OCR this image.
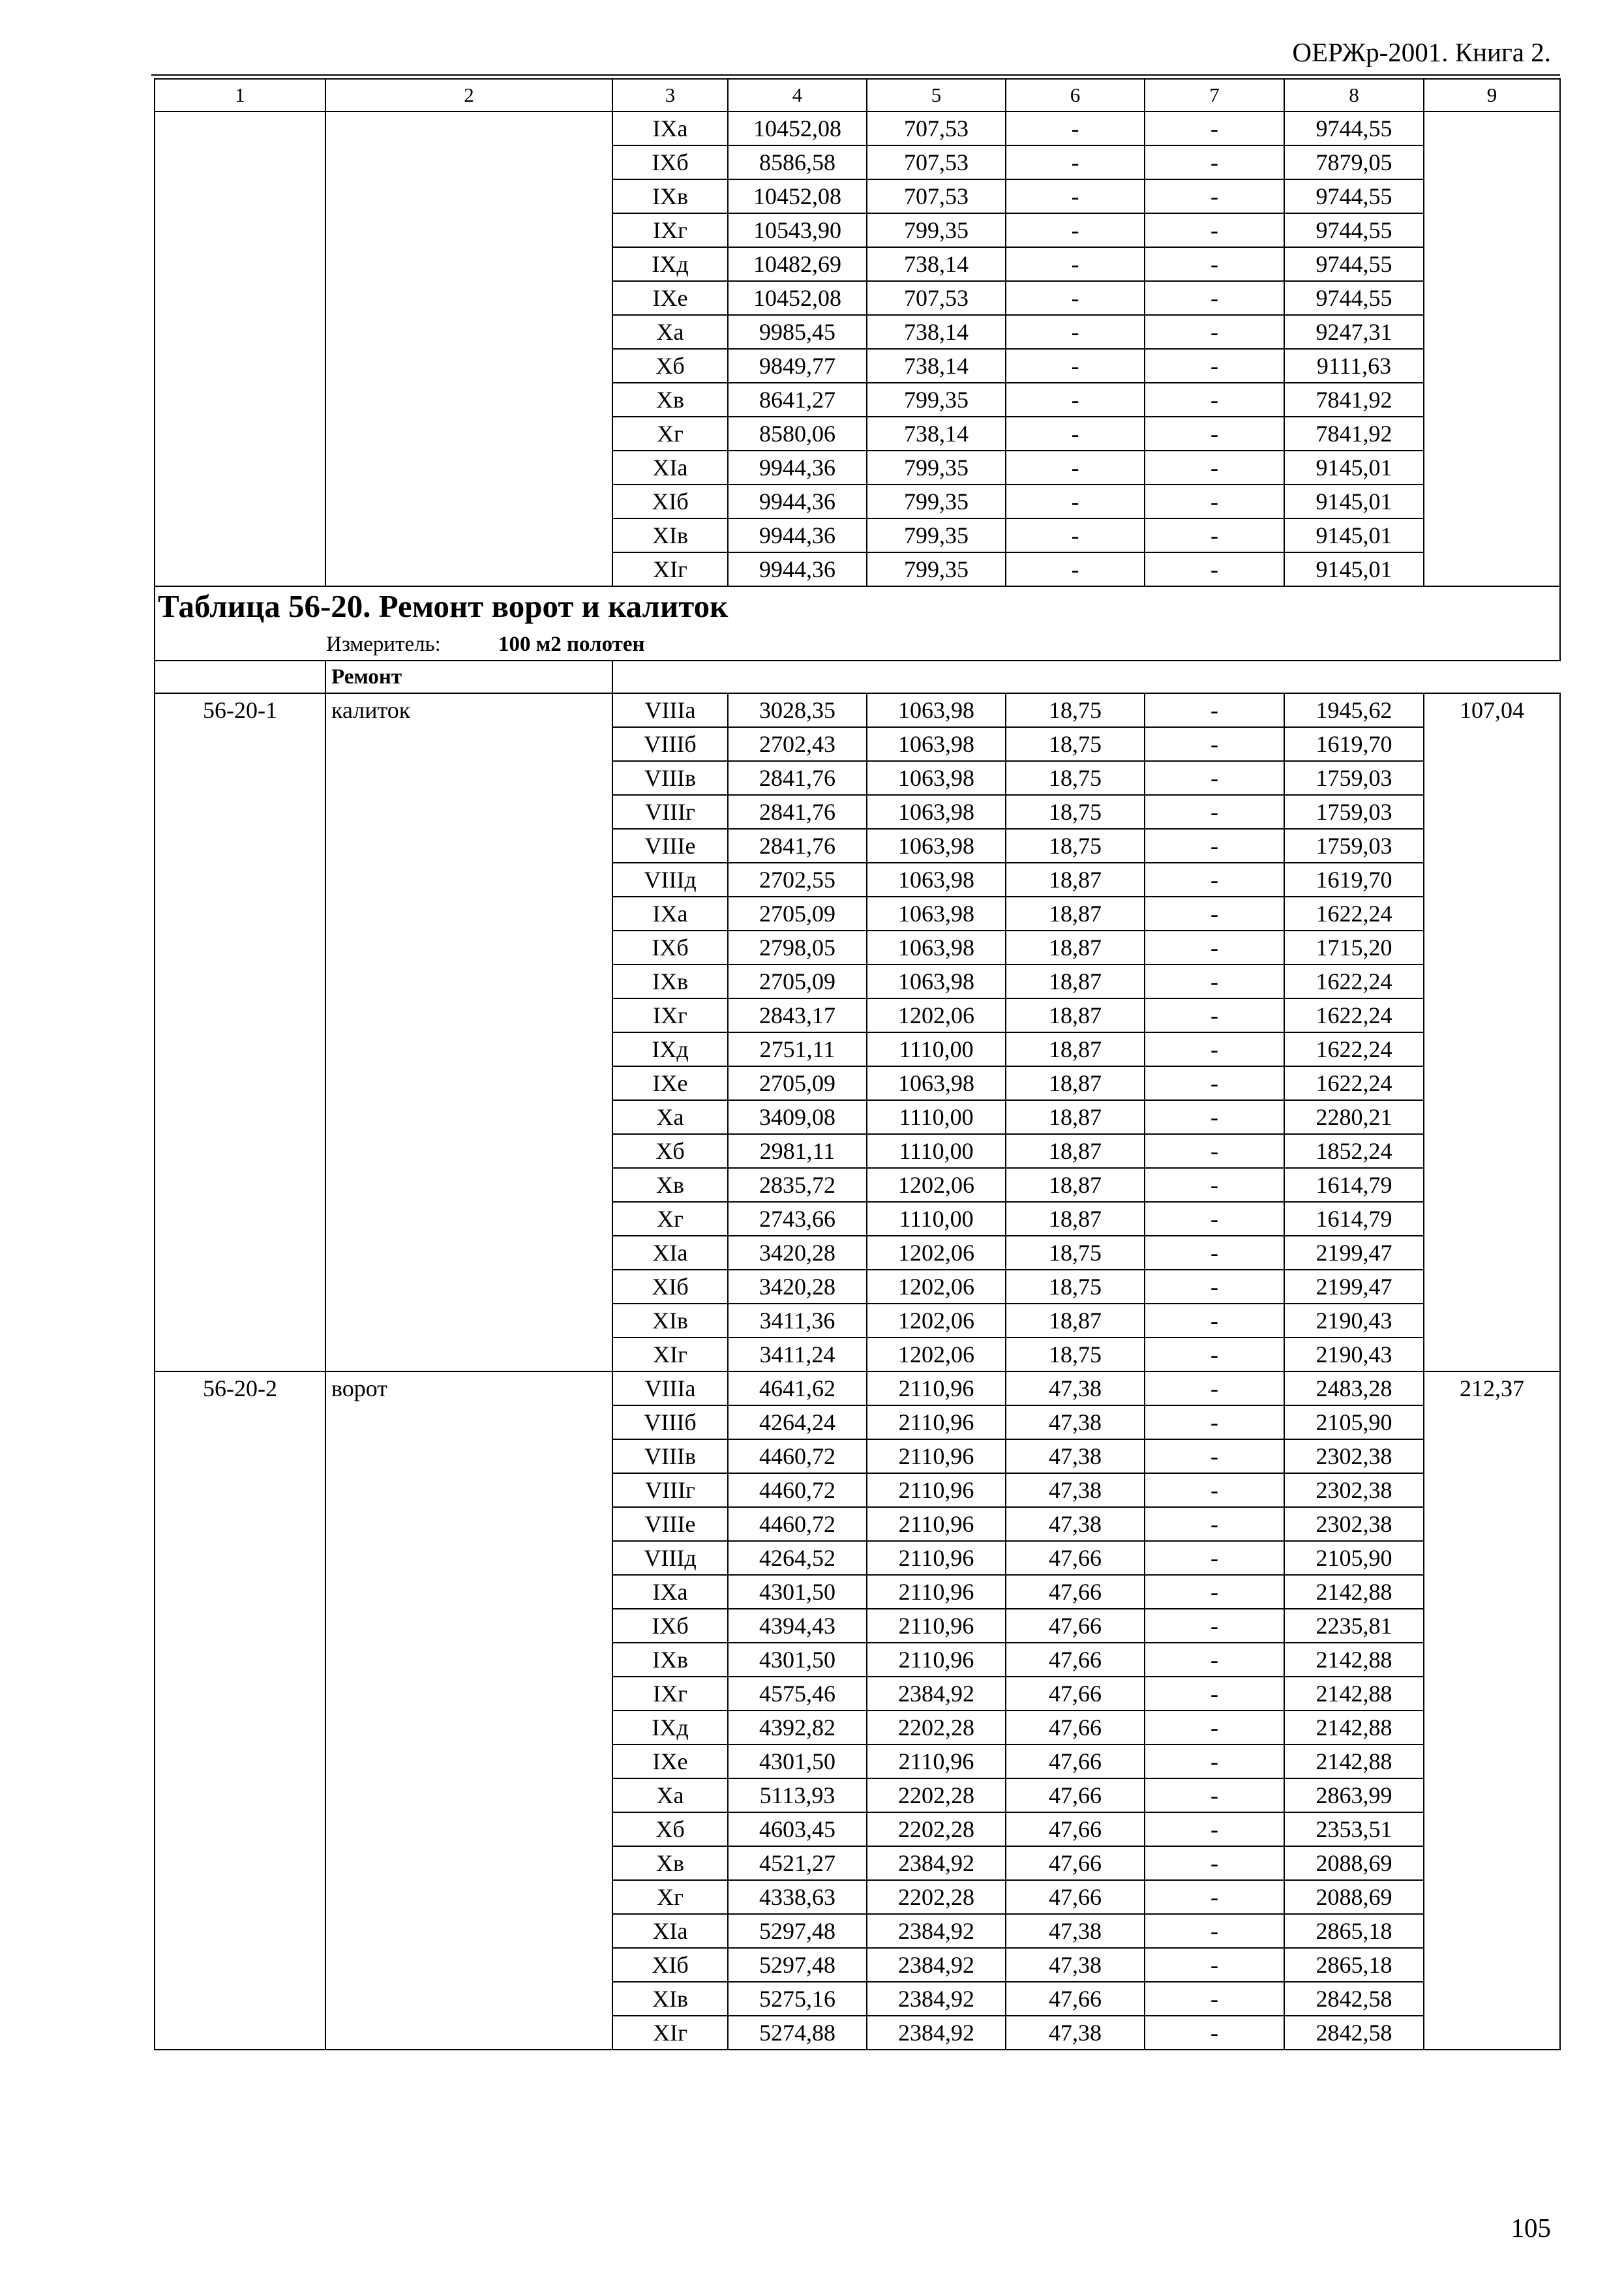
ОЕРЖр-2001. Книга 2.
1	2	3	4	5	6	7	8	9
		IXa	10452,08	707,53	-	-	9744,55	
		IXб	8586,58	707,53	-	-	7879,05	
		IXв	10452,08	707,53	-	-	9744,55	
		IXг	10543,90	799,35	-	-	9744,55	
		IXд	10482,69	738,14	-	-	9744,55	
		IXе	10452,08	707,53	-	-	9744,55	
		Xa	9985,45	738,14	-	-	9247,31	
		Xб	9849,77	738,14	-	-	9111,63	
		Xв	8641,27	799,35	-	-	7841,92	
		Xг	8580,06	738,14	-	-	7841,92	
		XIa	9944,36	799,35	-	-	9145,01	
		XIб	9944,36	799,35	-	-	9145,01	
		XIв	9944,36	799,35	-	-	9145,01	
		XIг	9944,36	799,35	-	-	9145,01	
Таблица 56-20. Ремонт ворот и калиток								
Измеритель: 100 м2 полотен								
	Ремонт							
56-20-1	калиток	VIIIa	3028,35	1063,98	18,75	-	1945,62	107,04
		VIIIб	2702,43	1063,98	18,75	-	1619,70	
		VIIIв	2841,76	1063,98	18,75	-	1759,03	
		VIIIг	2841,76	1063,98	18,75	-	1759,03	
		VIIIе	2841,76	1063,98	18,75	-	1759,03	
		VIIIд	2702,55	1063,98	18,87	-	1619,70	
		IXa	2705,09	1063,98	18,87	-	1622,24	
		IXб	2798,05	1063,98	18,87	-	1715,20	
		IXв	2705,09	1063,98	18,87	-	1622,24	
		IXг	2843,17	1202,06	18,87	-	1622,24	
		IXд	2751,11	1110,00	18,87	-	1622,24	
		IXе	2705,09	1063,98	18,87	-	1622,24	
		Xa	3409,08	1110,00	18,87	-	2280,21	
		Xб	2981,11	1110,00	18,87	-	1852,24	
		Xв	2835,72	1202,06	18,87	-	1614,79	
		Xг	2743,66	1110,00	18,87	-	1614,79	
		XIa	3420,28	1202,06	18,75	-	2199,47	
		XIб	3420,28	1202,06	18,75	-	2199,47	
		XIв	3411,36	1202,06	18,87	-	2190,43	
		XIг	3411,24	1202,06	18,75	-	2190,43	
56-20-2	ворот	VIIIa	4641,62	2110,96	47,38	-	2483,28	212,37
		VIIIб	4264,24	2110,96	47,38	-	2105,90	
		VIIIв	4460,72	2110,96	47,38	-	2302,38	
		VIIIг	4460,72	2110,96	47,38	-	2302,38	
		VIIIе	4460,72	2110,96	47,38	-	2302,38	
		VIIIд	4264,52	2110,96	47,66	-	2105,90	
		IXa	4301,50	2110,96	47,66	-	2142,88	
		IXб	4394,43	2110,96	47,66	-	2235,81	
		IXв	4301,50	2110,96	47,66	-	2142,88	
		IXг	4575,46	2384,92	47,66	-	2142,88	
		IXд	4392,82	2202,28	47,66	-	2142,88	
		IXе	4301,50	2110,96	47,66	-	2142,88	
		Xa	5113,93	2202,28	47,66	-	2863,99	
		Xб	4603,45	2202,28	47,66	-	2353,51	
		Xв	4521,27	2384,92	47,66	-	2088,69	
		Xг	4338,63	2202,28	47,66	-	2088,69	
		XIa	5297,48	2384,92	47,38	-	2865,18	
		XIб	5297,48	2384,92	47,38	-	2865,18	
		XIв	5275,16	2384,92	47,66	-	2842,58	
		XIг	5274,88	2384,92	47,38	-	2842,58	
105
